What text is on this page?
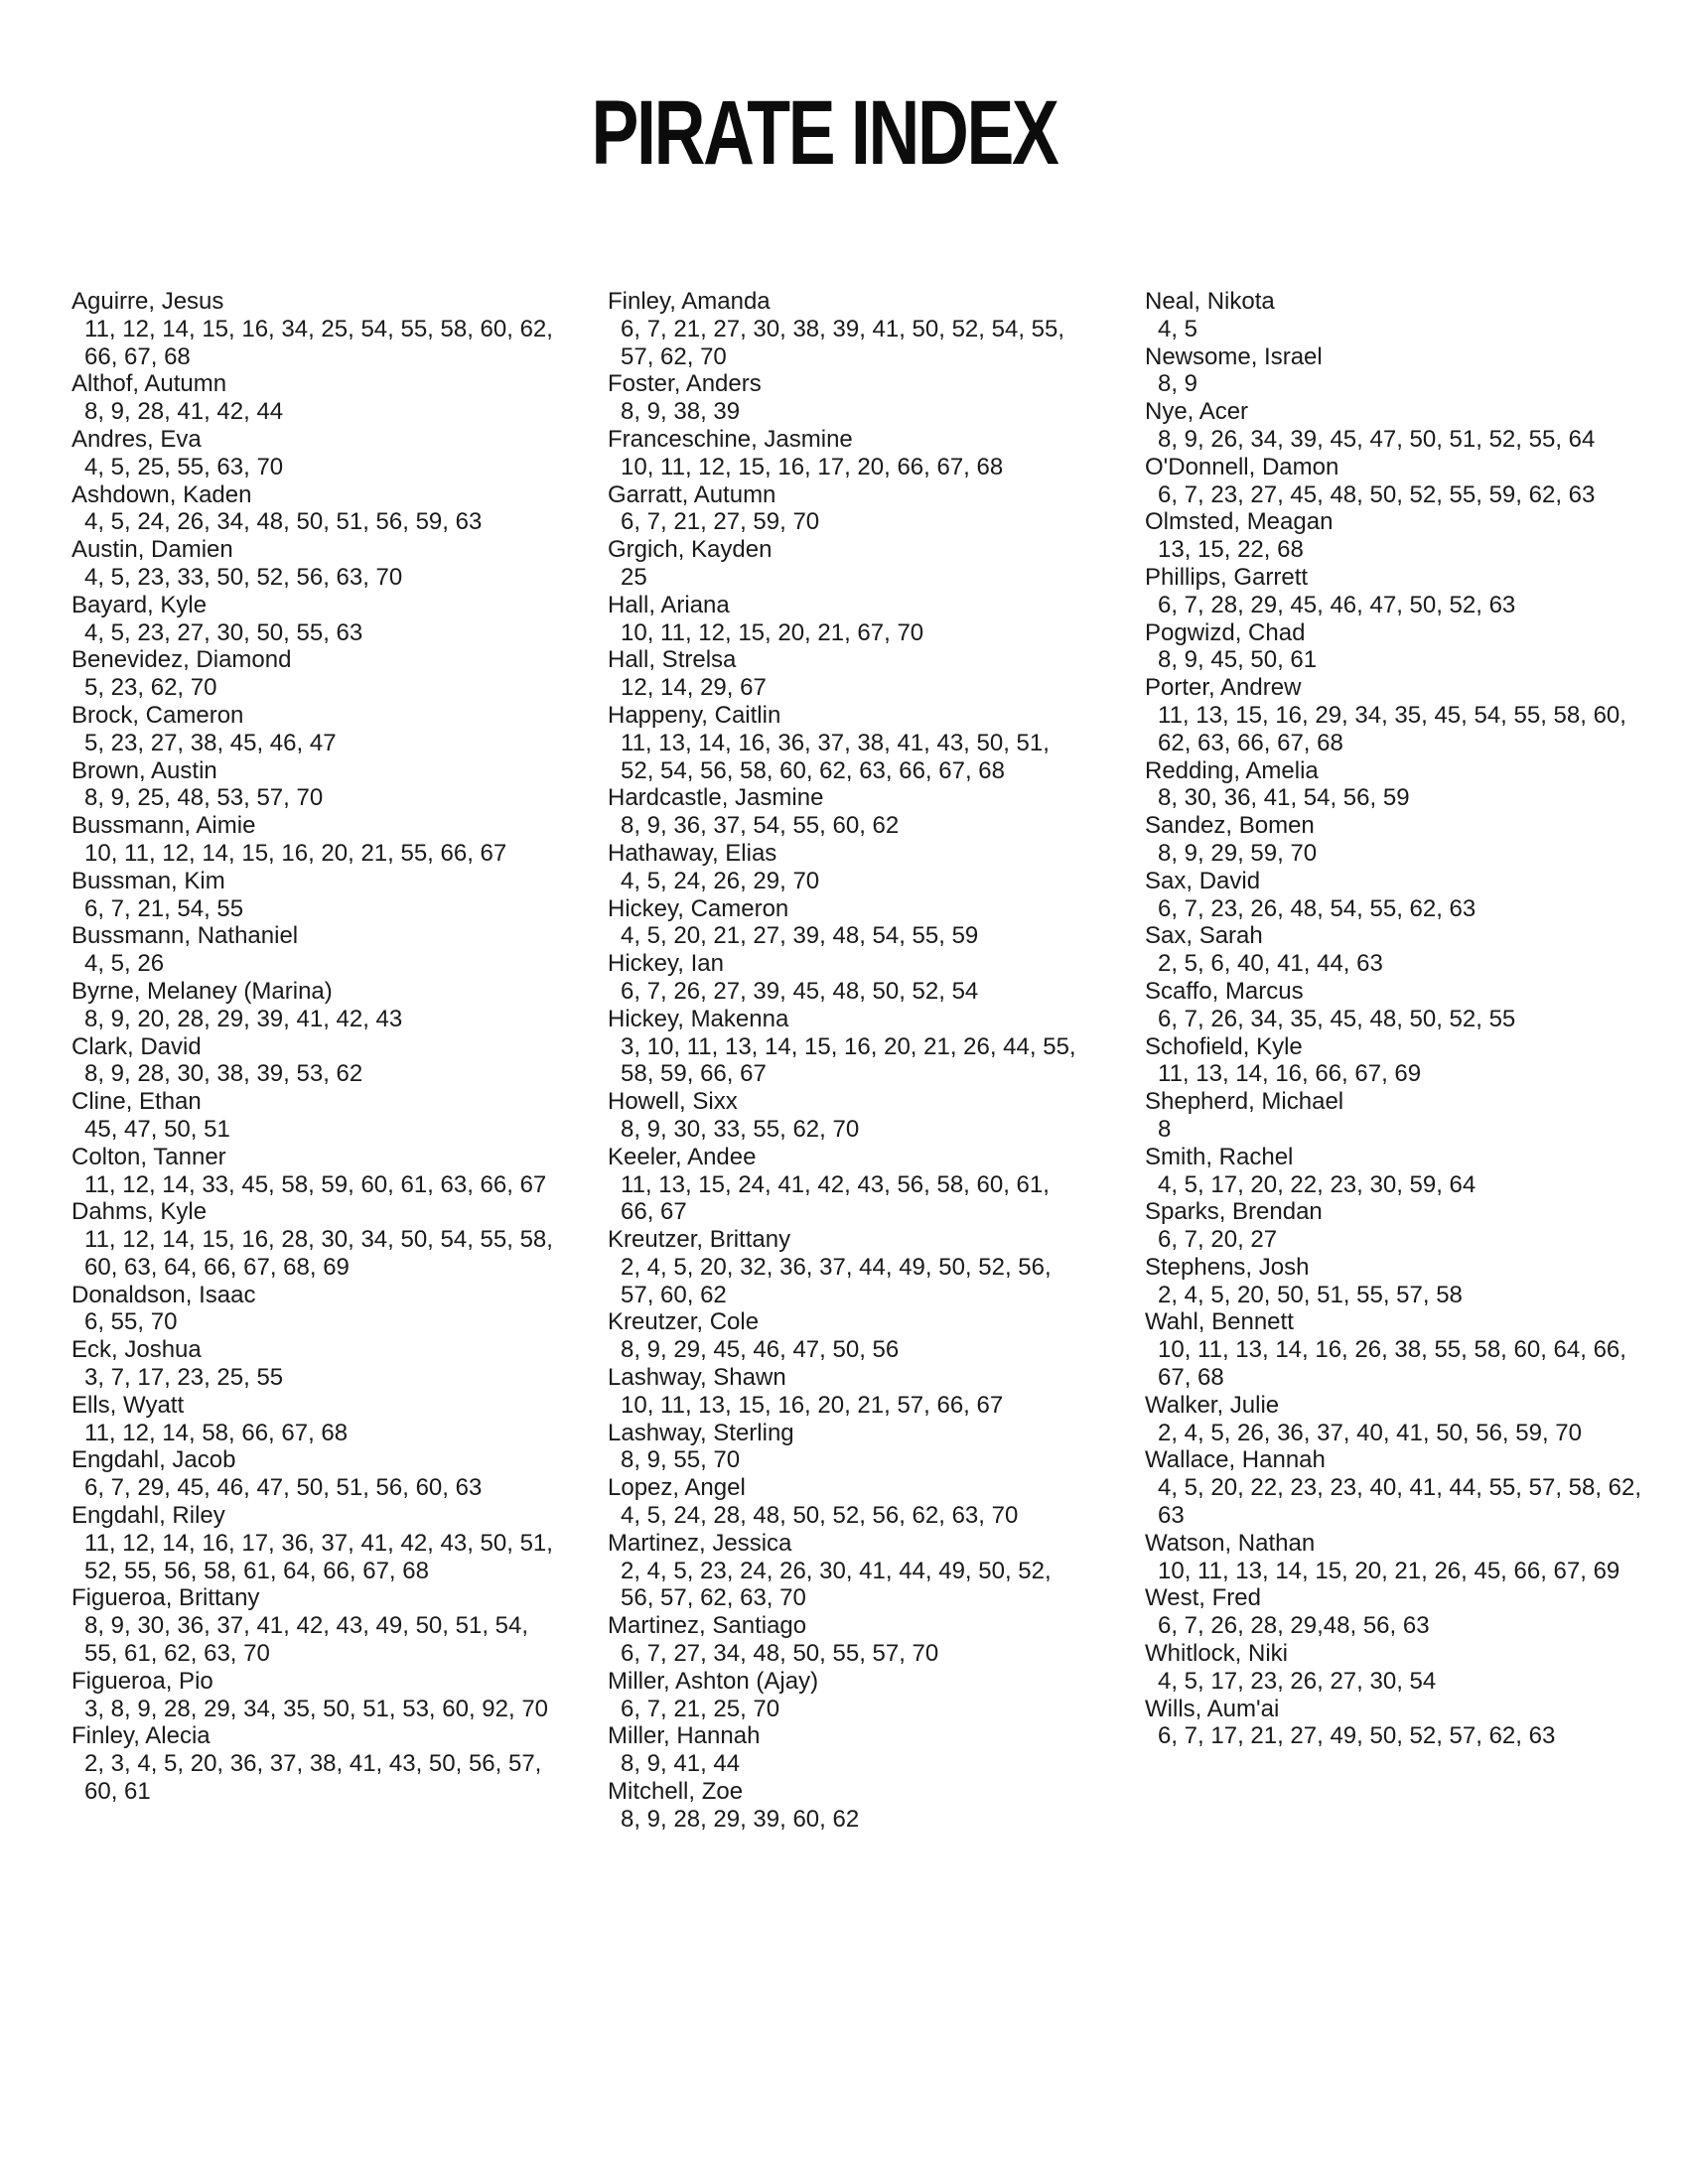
PIRATE INDEX
Aguirre, Jesus
11, 12, 14, 15, 16, 34, 25, 54, 55, 58, 60, 62, 66, 67, 68
Althof, Autumn
8, 9, 28, 41, 42, 44
Andres, Eva
4, 5, 25, 55, 63, 70
Ashdown, Kaden
4, 5, 24, 26, 34, 48, 50, 51, 56, 59, 63
Austin, Damien
4, 5, 23, 33, 50, 52, 56, 63, 70
Bayard, Kyle
4, 5, 23, 27, 30, 50, 55, 63
Benevidez, Diamond
5, 23, 62, 70
Brock, Cameron
5, 23, 27, 38, 45, 46, 47
Brown, Austin
8, 9, 25, 48, 53, 57, 70
Bussmann, Aimie
10, 11, 12, 14, 15, 16, 20, 21, 55, 66, 67
Bussman, Kim
6, 7, 21, 54, 55
Bussmann, Nathaniel
4, 5, 26
Byrne, Melaney (Marina)
8, 9, 20, 28, 29, 39, 41, 42, 43
Clark, David
8, 9, 28, 30, 38, 39, 53, 62
Cline, Ethan
45, 47, 50, 51
Colton, Tanner
11, 12, 14, 33, 45, 58, 59, 60, 61, 63, 66, 67
Dahms, Kyle
11, 12, 14, 15, 16, 28, 30, 34, 50, 54, 55, 58, 60, 63, 64, 66, 67, 68, 69
Donaldson, Isaac
6, 55, 70
Eck, Joshua
3, 7, 17, 23, 25, 55
Ells, Wyatt
11, 12, 14, 58, 66, 67, 68
Engdahl, Jacob
6, 7, 29, 45, 46, 47, 50, 51, 56, 60, 63
Engdahl, Riley
11, 12, 14, 16, 17, 36, 37, 41, 42, 43, 50, 51, 52, 55, 56, 58, 61, 64, 66, 67, 68
Figueroa, Brittany
8, 9, 30, 36, 37, 41, 42, 43, 49, 50, 51, 54, 55, 61, 62, 63, 70
Figueroa, Pio
3, 8, 9, 28, 29, 34, 35, 50, 51, 53, 60, 92, 70
Finley, Alecia
2, 3, 4, 5, 20, 36, 37, 38, 41, 43, 50, 56, 57, 60, 61
Finley, Amanda
6, 7, 21, 27, 30, 38, 39, 41, 50, 52, 54, 55, 57, 62, 70
Foster, Anders
8, 9, 38, 39
Franceschine, Jasmine
10, 11, 12, 15, 16, 17, 20, 66, 67, 68
Garratt, Autumn
6, 7, 21, 27, 59, 70
Grgich, Kayden
25
Hall, Ariana
10, 11, 12, 15, 20, 21, 67, 70
Hall, Strelsa
12, 14, 29, 67
Happeny, Caitlin
11, 13, 14, 16, 36, 37, 38, 41, 43, 50, 51, 52, 54, 56, 58, 60, 62, 63, 66, 67, 68
Hardcastle, Jasmine
8, 9, 36, 37, 54, 55, 60, 62
Hathaway, Elias
4, 5, 24, 26, 29, 70
Hickey, Cameron
4, 5, 20, 21, 27, 39, 48, 54, 55, 59
Hickey, Ian
6, 7, 26, 27, 39, 45, 48, 50, 52, 54
Hickey, Makenna
3, 10, 11, 13, 14, 15, 16, 20, 21, 26, 44, 55, 58, 59, 66, 67
Howell, Sixx
8, 9, 30, 33, 55, 62, 70
Keeler, Andee
11, 13, 15, 24, 41, 42, 43, 56, 58, 60, 61, 66, 67
Kreutzer, Brittany
2, 4, 5, 20, 32, 36, 37, 44, 49, 50, 52, 56, 57, 60, 62
Kreutzer, Cole
8, 9, 29, 45, 46, 47, 50, 56
Lashway, Shawn
10, 11, 13, 15, 16, 20, 21, 57, 66, 67
Lashway, Sterling
8, 9, 55, 70
Lopez, Angel
4, 5, 24, 28, 48, 50, 52, 56, 62, 63, 70
Martinez, Jessica
2, 4, 5, 23, 24, 26, 30, 41, 44, 49, 50, 52, 56, 57, 62, 63, 70
Martinez, Santiago
6, 7, 27, 34, 48, 50, 55, 57, 70
Miller, Ashton (Ajay)
6, 7, 21, 25, 70
Miller, Hannah
8, 9, 41, 44
Mitchell, Zoe
8, 9, 28, 29, 39, 60, 62
Neal, Nikota
4, 5
Newsome, Israel
8, 9
Nye, Acer
8, 9, 26, 34, 39, 45, 47, 50, 51, 52, 55, 64
O'Donnell, Damon
6, 7, 23, 27, 45, 48, 50, 52, 55, 59, 62, 63
Olmsted, Meagan
13, 15, 22, 68
Phillips, Garrett
6, 7, 28, 29, 45, 46, 47, 50, 52, 63
Pogwizd, Chad
8, 9, 45, 50, 61
Porter, Andrew
11, 13, 15, 16, 29, 34, 35, 45, 54, 55, 58, 60, 62, 63, 66, 67, 68
Redding, Amelia
8, 30, 36, 41, 54, 56, 59
Sandez, Bomen
8, 9, 29, 59, 70
Sax, David
6, 7, 23, 26, 48, 54, 55, 62, 63
Sax, Sarah
2, 5, 6, 40, 41, 44, 63
Scaffo, Marcus
6, 7, 26, 34, 35, 45, 48, 50, 52, 55
Schofield, Kyle
11, 13, 14, 16, 66, 67, 69
Shepherd, Michael
8
Smith, Rachel
4, 5, 17, 20, 22, 23, 30, 59, 64
Sparks, Brendan
6, 7, 20, 27
Stephens, Josh
2, 4, 5, 20, 50, 51, 55, 57, 58
Wahl, Bennett
10, 11, 13, 14, 16, 26, 38, 55, 58, 60, 64, 66, 67, 68
Walker, Julie
2, 4, 5, 26, 36, 37, 40, 41, 50, 56, 59, 70
Wallace, Hannah
4, 5, 20, 22, 23, 23, 40, 41, 44, 55, 57, 58, 62, 63
Watson, Nathan
10, 11, 13, 14, 15, 20, 21, 26, 45, 66, 67, 69
West, Fred
6, 7, 26, 28, 29,48, 56, 63
Whitlock, Niki
4, 5, 17, 23, 26, 27, 30, 54
Wills, Aum'ai
6, 7, 17, 21, 27, 49, 50, 52, 57, 62, 63
